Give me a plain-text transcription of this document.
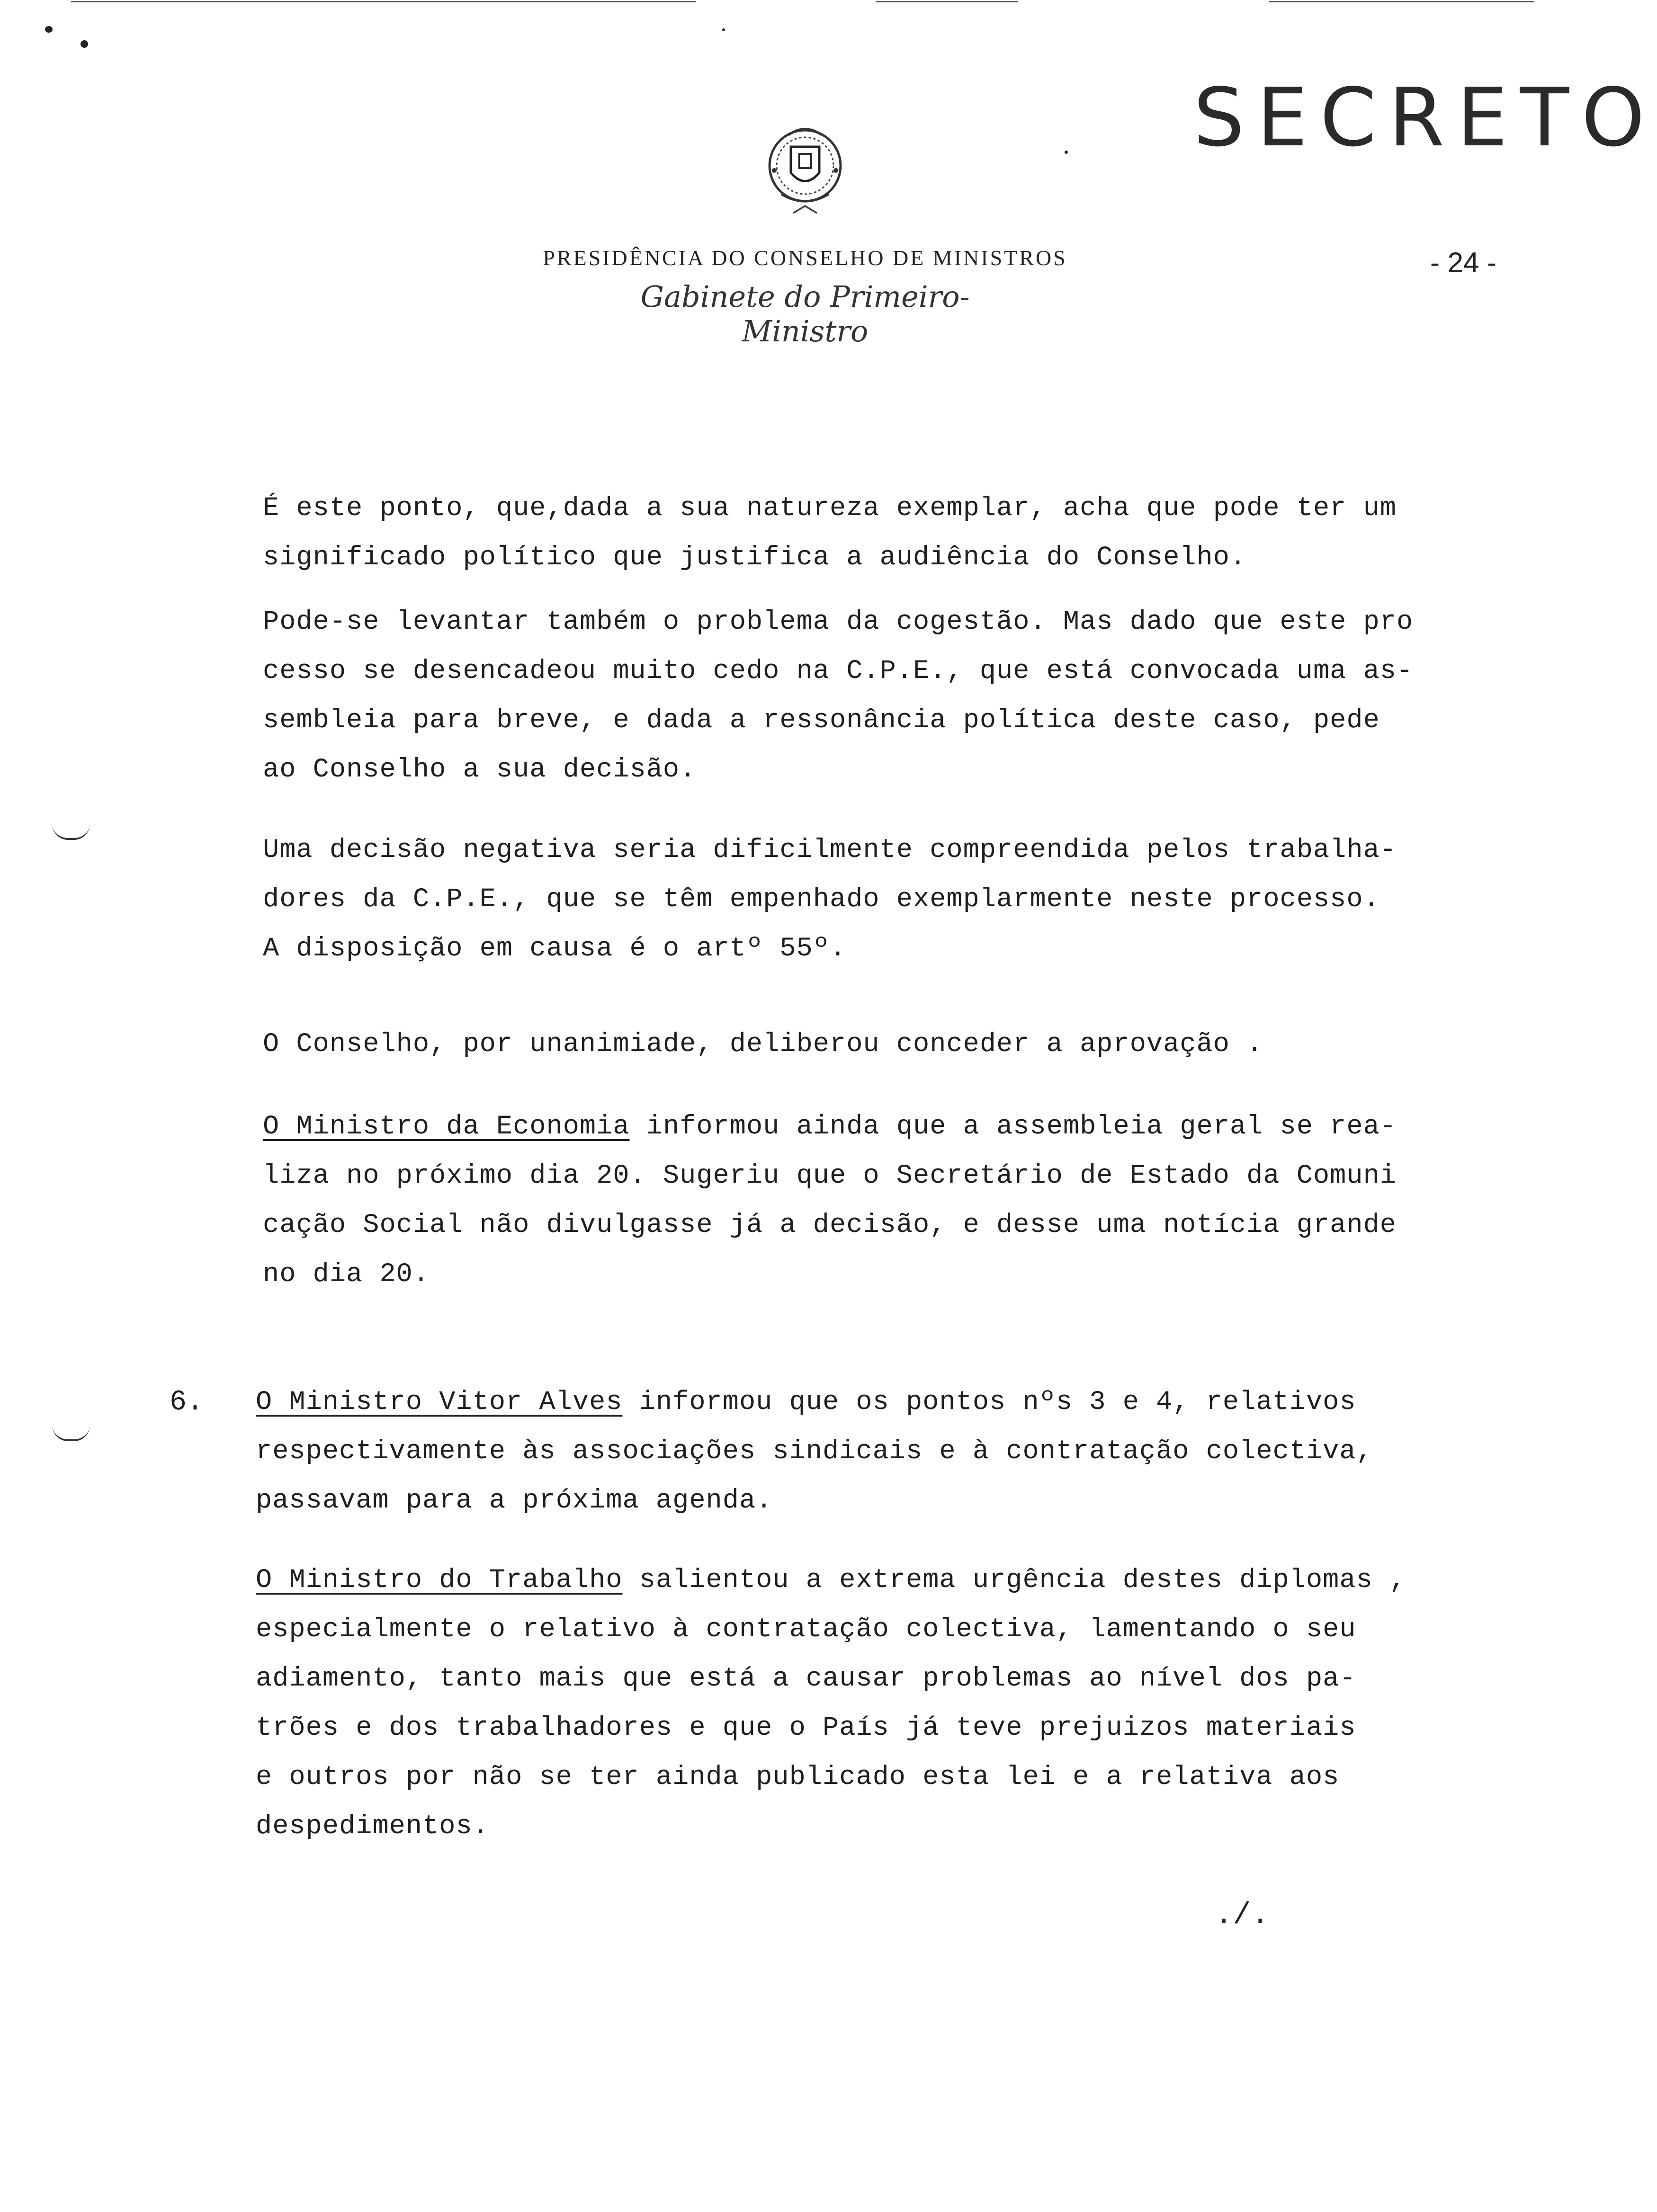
SECRETO
PRESIDÊNCIA DO CONSELHO DE MINISTROS
Gabinete do Primeiro-Ministro
- 24 -
É este ponto, que,dada a sua natureza exemplar, acha que pode ter um
significado político que justifica a audiência do Conselho.
Pode-se levantar também o problema da cogestão. Mas dado que este pro
cesso se desencadeou muito cedo na C.P.E., que está convocada uma as-
sembleia para breve, e dada a ressonância política deste caso, pede
ao Conselho a sua decisão.
Uma decisão negativa seria dificilmente compreendida pelos trabalha-
dores da C.P.E., que se têm empenhado exemplarmente neste processo.
A disposição em causa é o artº 55º.
O Conselho, por unanimiade, deliberou conceder a aprovação .
O Ministro da Economia informou ainda que a assembleia geral se rea-
liza no próximo dia 20. Sugeriu que o Secretário de Estado da Comuni
cação Social não divulgasse já a decisão, e desse uma notícia grande
no dia 20.
6. O Ministro Vitor Alves informou que os pontos nºs 3 e 4, relativos
respectivamente às associações sindicais e à contratação colectiva,
passavam para a próxima agenda.
O Ministro do Trabalho salientou a extrema urgência destes diplomas ,
especialmente o relativo à contratação colectiva, lamentando o seu
adiamento, tanto mais que está a causar problemas ao nível dos pa-
trões e dos trabalhadores e que o País já teve prejuizos materiais
e outros por não se ter ainda publicado esta lei e a relativa aos
despedimentos.
./.
